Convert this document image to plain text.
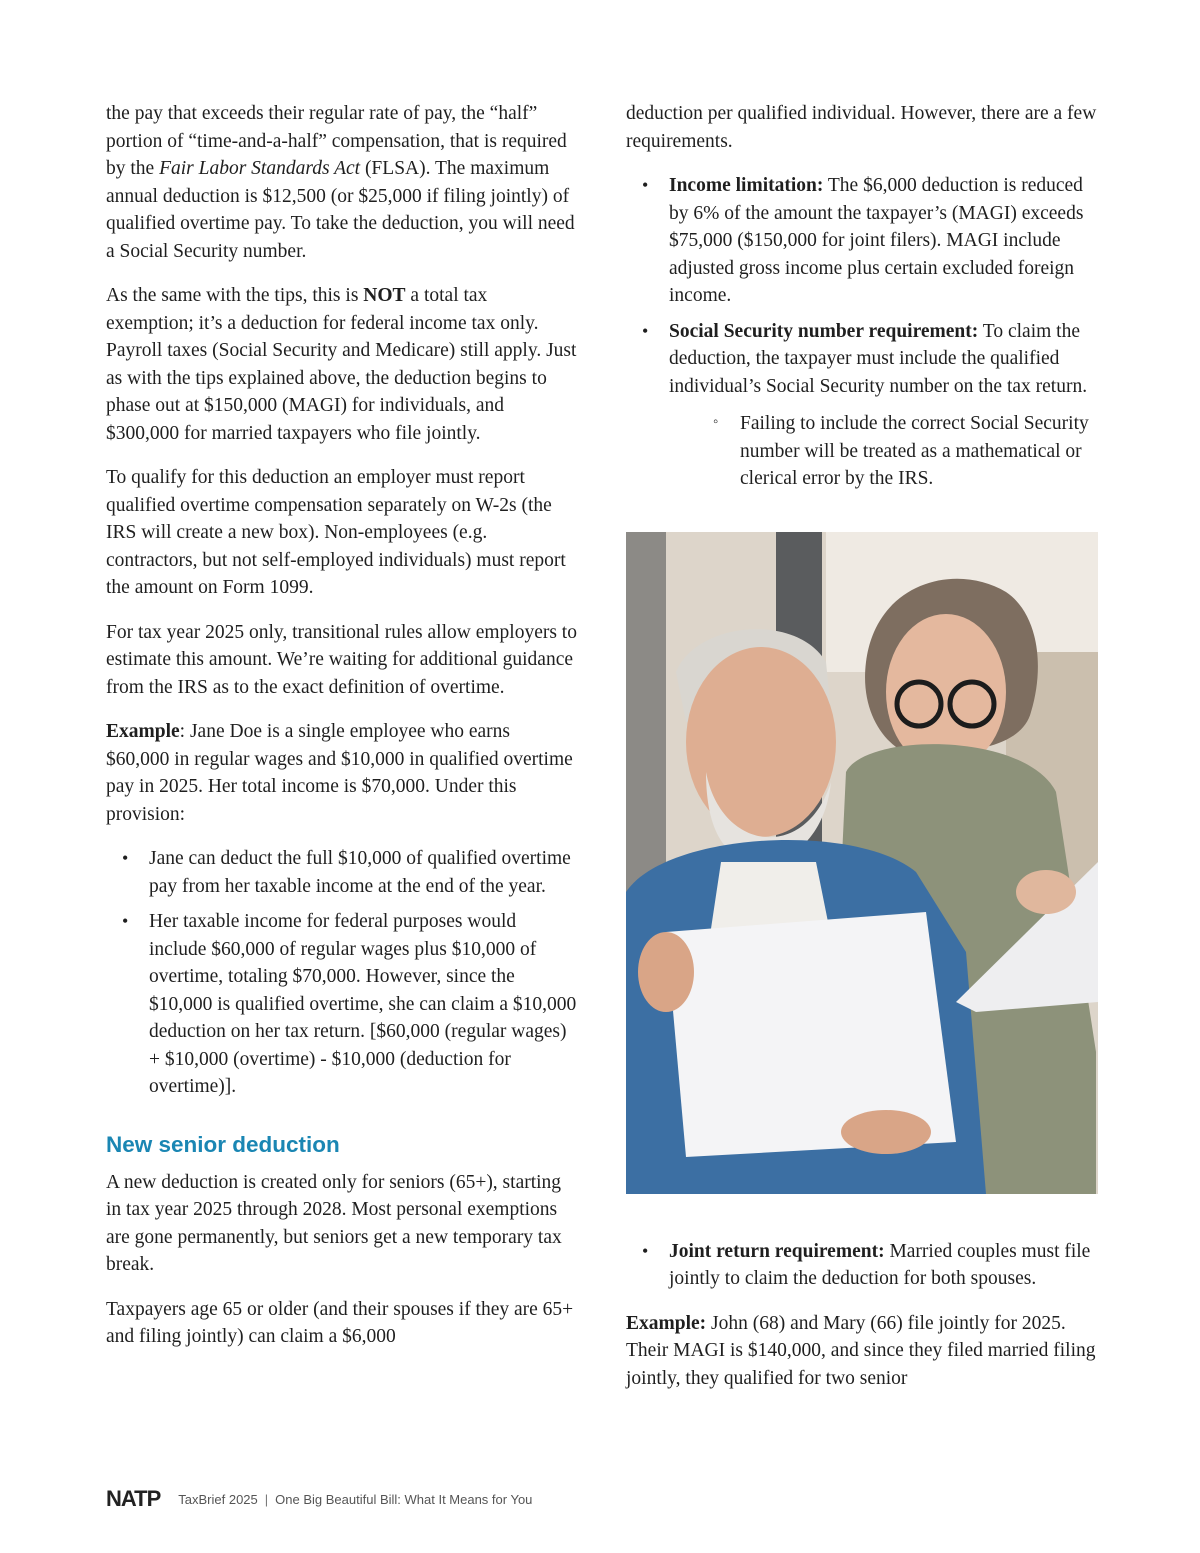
the pay that exceeds their regular rate of pay, the “half” portion of “time-and-a-half” compensation, that is required by the Fair Labor Standards Act (FLSA). The maximum annual deduction is $12,500 (or $25,000 if filing jointly) of qualified overtime pay. To take the deduction, you will need a Social Security number.

As the same with the tips, this is NOT a total tax exemption; it’s a deduction for federal income tax only. Payroll taxes (Social Security and Medicare) still apply. Just as with the tips explained above, the deduction begins to phase out at $150,000 (MAGI) for individuals, and $300,000 for married taxpayers who file jointly.

To qualify for this deduction an employer must report qualified overtime compensation separately on W-2s (the IRS will create a new box). Non-employees (e.g. contractors, but not self-employed individuals) must report the amount on Form 1099.

For tax year 2025 only, transitional rules allow employers to estimate this amount. We’re waiting for additional guidance from the IRS as to the exact definition of overtime.

Example: Jane Doe is a single employee who earns $60,000 in regular wages and $10,000 in qualified overtime pay in 2025. Her total income is $70,000. Under this provision:

• Jane can deduct the full $10,000 of qualified overtime pay from her taxable income at the end of the year.
• Her taxable income for federal purposes would include $60,000 of regular wages plus $10,000 of overtime, totaling $70,000. However, since the $10,000 is qualified overtime, she can claim a $10,000 deduction on her tax return. [$60,000 (regular wages) + $10,000 (overtime) - $10,000 (deduction for overtime)].
New senior deduction

A new deduction is created only for seniors (65+), starting in tax year 2025 through 2028. Most personal exemptions are gone permanently, but seniors get a new temporary tax break.

Taxpayers age 65 or older (and their spouses if they are 65+ and filing jointly) can claim a $6,000

deduction per qualified individual. However, there are a few requirements.

• Income limitation: The $6,000 deduction is reduced by 6% of the amount the taxpayer’s (MAGI) exceeds $75,000 ($150,000 for joint filers). MAGI include adjusted gross income plus certain excluded foreign income.
• Social Security number requirement: To claim the deduction, the taxpayer must include the qualified individual’s Social Security number on the tax return.
◦ Failing to include the correct Social Security number will be treated as a mathematical or clerical error by the IRS.
• Joint return requirement: Married couples must file jointly to claim the deduction for both spouses.

Example: John (68) and Mary (66) file jointly for 2025. Their MAGI is $140,000, and since they filed married filing jointly, they qualified for two senior

NATP TaxBrief 2025 | One Big Beautiful Bill: What It Means for You
